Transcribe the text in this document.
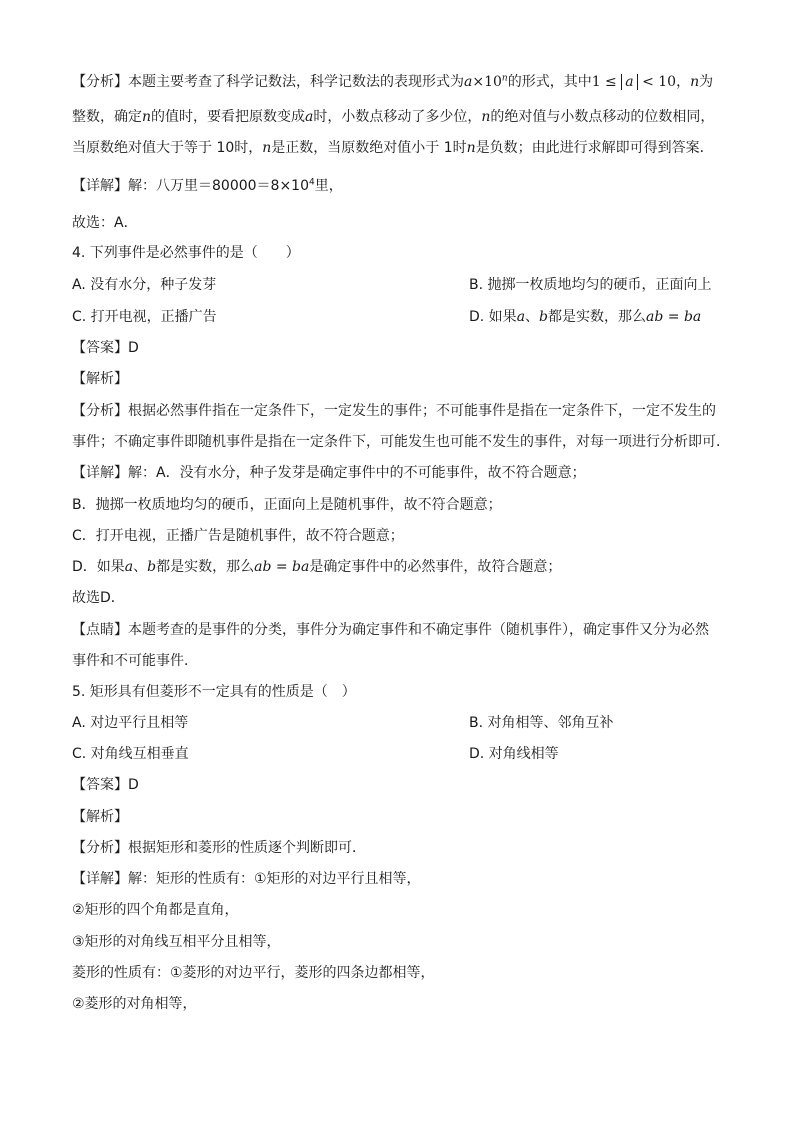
【分析】本题主要考查了科学记数法，科学记数法的表现形式为$a\times 10^n$的形式，其中1 ≤ a < 10，n为
整数，确定n的值时，要看把原数变成a时，小数点移动了多少位，n的绝对值与小数点移动的位数相同，
当原数绝对值大于等于 10时，n是正数，当原数绝对值小于 1时n是负数；由此进行求解即可得到答案．
【详解】解：八万里$=80000=8\times 10^4$里，
故选：A．
4. 下列事件是必然事件的是（　　）
A. 没有水分，种子发芽	B. 抛掷一枚质地均匀的硬币，正面向上
C. 打开电视，正播广告	D. 如果a、b都是实数，那么ab = ba
【答案】D
【解析】
【分析】根据必然事件指在一定条件下，一定发生的事件；不可能事件是指在一定条件下，一定不发生的
事件；不确定事件即随机事件是指在一定条件下，可能发生也可能不发生的事件，对每一项进行分析即可．
【详解】解：A．没有水分，种子发芽是确定事件中的不可能事件，故不符合题意；
B．抛掷一枚质地均匀的硬币，正面向上是随机事件，故不符合题意；
C．打开电视，正播广告是随机事件，故不符合题意；
D．如果a、b都是实数，那么ab = ba是确定事件中的必然事件，故符合题意；
故选D．
【点睛】本题考查的是事件的分类，事件分为确定事件和不确定事件（随机事件），确定事件又分为必然
事件和不可能事件．
5. 矩形具有但菱形不一定具有的性质是（　）
A. 对边平行且相等	B. 对角相等、邻角互补
C. 对角线互相垂直	D. 对角线相等
【答案】D
【解析】
【分析】根据矩形和菱形的性质逐个判断即可．
【详解】解：矩形的性质有：①矩形的对边平行且相等，
②矩形的四个角都是直角，
③矩形的对角线互相平分且相等，
菱形的性质有：①菱形的对边平行，菱形的四条边都相等，
②菱形的对角相等，
